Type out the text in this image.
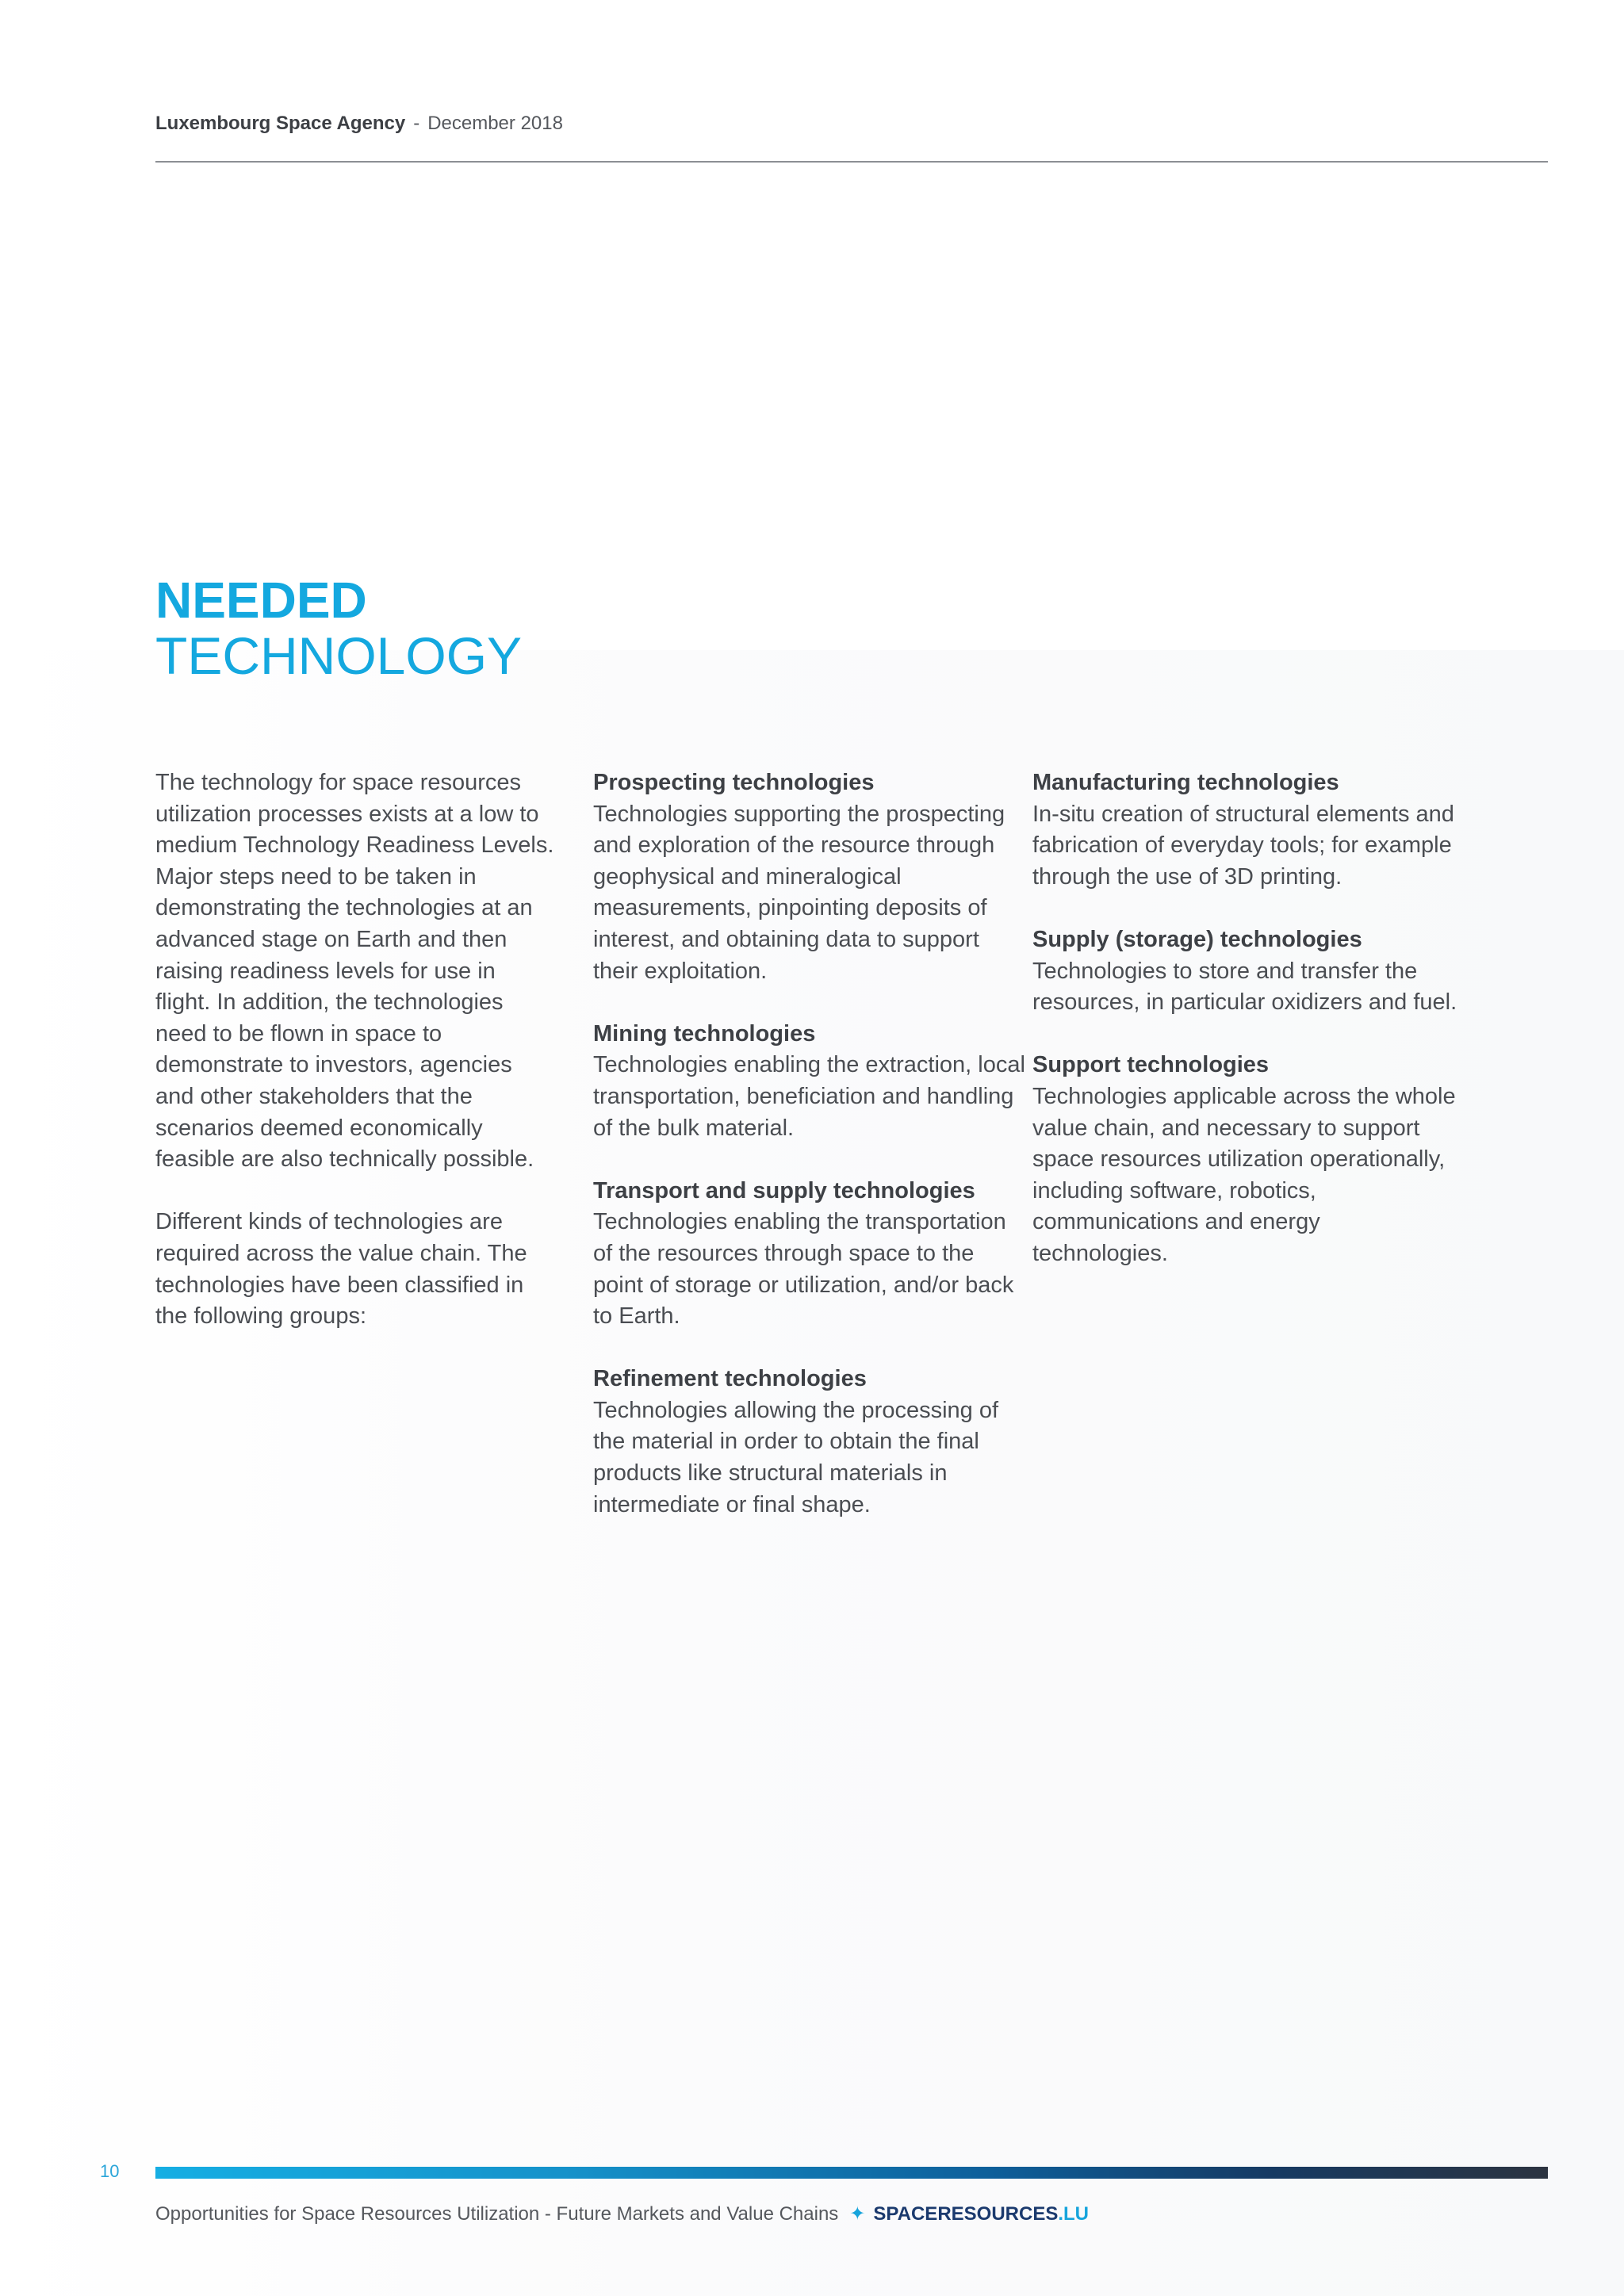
Luxembourg Space Agency - December 2018
NEEDED
TECHNOLOGY

The technology for space resources utilization processes exists at a low to medium Technology Readiness Levels. Major steps need to be taken in demonstrating the technologies at an advanced stage on Earth and then raising readiness levels for use in flight. In addition, the technologies need to be flown in space to demonstrate to investors, agencies and other stakeholders that the scenarios deemed economically feasible are also technically possible.

Different kinds of technologies are required across the value chain. The technologies have been classified in the following groups:

Prospecting technologies

Technologies supporting the prospecting and exploration of the resource through geophysical and mineralogical measurements, pinpointing deposits of interest, and obtaining data to support their exploitation.

Mining technologies

Technologies enabling the extraction, local transportation, beneficiation and handling of the bulk material.

Transport and supply technologies

Technologies enabling the transportation of the resources through space to the point of storage or utilization, and/or back to Earth.

Refinement technologies

Technologies allowing the processing of the material in order to obtain the final products like structural materials in intermediate or final shape.

Manufacturing technologies

In-situ creation of structural elements and fabrication of everyday tools; for example through the use of 3D printing.

Supply (storage) technologies

Technologies to store and transfer the resources, in particular oxidizers and fuel.

Support technologies

Technologies applicable across the whole value chain, and necessary to support space resources utilization operationally, including software, robotics, communications and energy technologies.

10
Opportunities for Space Resources Utilization - Future Markets and Value Chains ✦ SPACERESOURCES.LU
